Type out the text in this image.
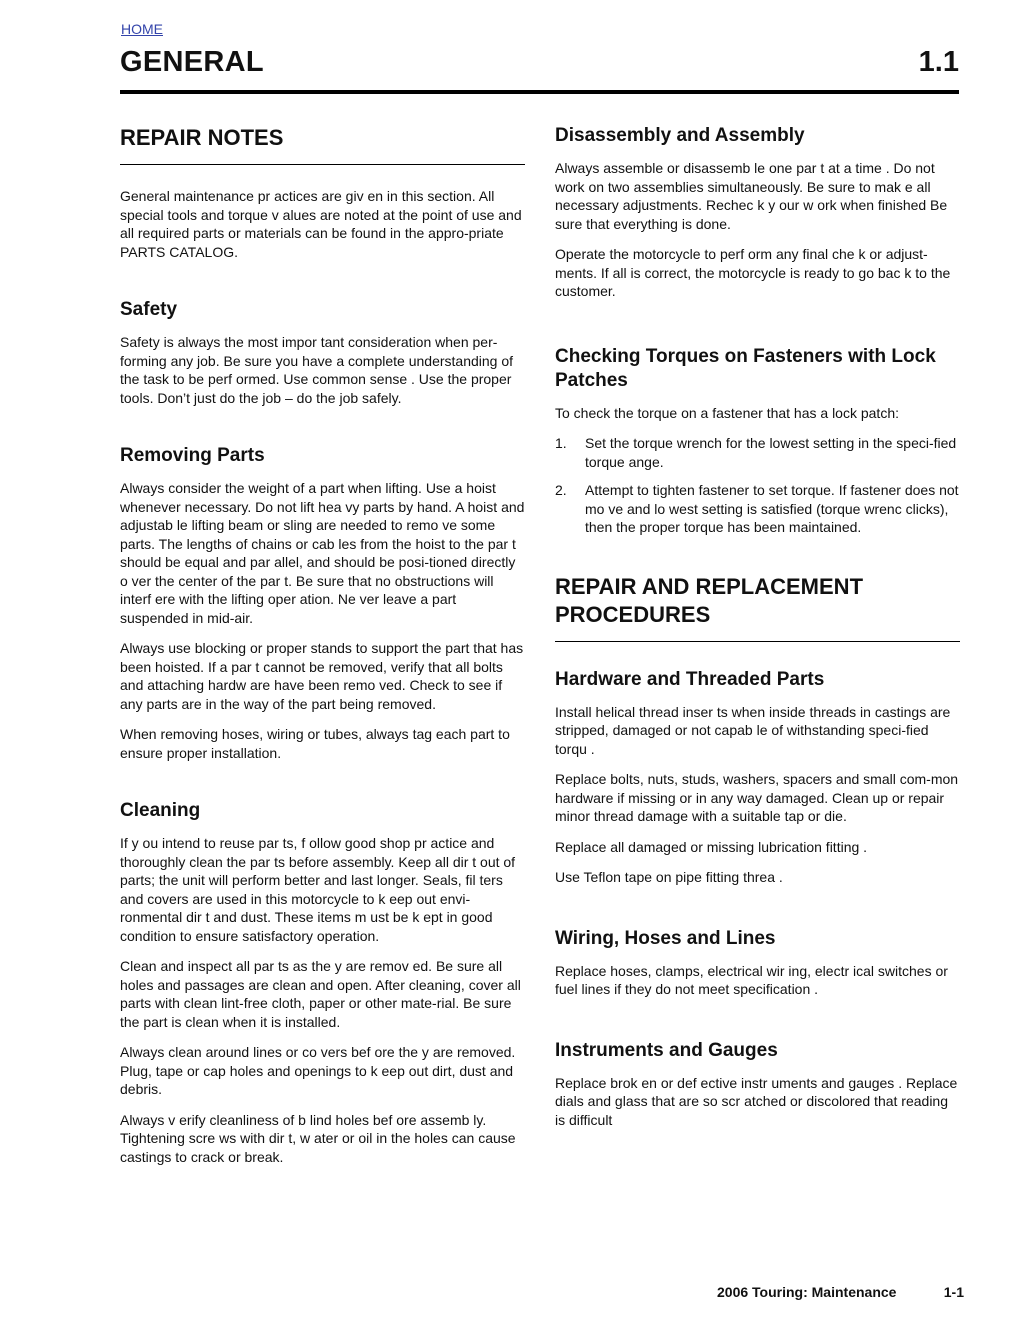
HOME
GENERAL	1.1
REPAIR NOTES

General maintenance pr actices are giv en in this section. All special tools and torque v alues are noted at the point of use and all required parts or materials can be found in the appro-priate PARTS CATALOG.

Safety

Safety is always the most impor tant consideration when per-forming any job. Be sure you have a complete understanding of the task to be perf ormed. Use common sense . Use the proper tools. Don’t just do the job – do the job safely.

Removing Parts

Always consider the weight of a part when lifting. Use a hoist whenever necessary. Do not lift hea vy parts by hand. A hoist and adjustab le lifting beam or sling are needed to remo ve some parts. The lengths of chains or cab les from the hoist to the par t should be equal and par allel, and should be posi-tioned directly o ver the center of the par t. Be sure that no obstructions will interf ere with the lifting oper ation. Ne ver leave a part suspended in mid-air.

Always use blocking or proper stands to support the part that has been hoisted. If a par t cannot be removed, verify that all bolts and attaching hardw are have been remo ved. Check to see if any parts are in the way of the part being removed.

When removing hoses, wiring or tubes, always tag each part to ensure proper installation.

Cleaning

If y ou intend to reuse par ts, f ollow good shop pr actice and thoroughly clean the par ts before assembly. Keep all dir t out of parts; the unit will perform better and last longer. Seals, fil ters and covers are used in this motorcycle to k eep out envi-ronmental dir t and dust. These items m ust be k ept in good condition to ensure satisfactory operation.

Clean and inspect all par ts as the y are remov ed. Be sure all holes and passages are clean and open. After cleaning, cover all parts with clean lint-free cloth, paper or other mate-rial. Be sure the part is clean when it is installed.

Always clean around lines or co vers bef ore the y are removed. Plug, tape or cap holes and openings to k eep out dirt, dust and debris.

Always v erify cleanliness of b lind holes bef ore assemb ly. Tightening scre ws with dir t, w ater or oil in the holes can cause castings to crack or break.

Disassembly and Assembly

Always assemble or disassemb le one par t at a time . Do not work on two assemblies simultaneously. Be sure to mak e all necessary adjustments. Rechec k y our w ork when finished Be sure that everything is done.

Operate the motorcycle to perf orm any final che k or adjust-ments. If all is correct, the motorcycle is ready to go bac k to the customer.

Checking Torques on Fasteners with Lock Patches

To check the torque on a fastener that has a lock patch:

1. Set the torque wrench for the lowest setting in the speci-fied torque ange.
2. Attempt to tighten fastener to set torque. If fastener does not mo ve and lo west setting is satisfied (torque wrenc clicks), then the proper torque has been maintained.
REPAIR AND REPLACEMENT PROCEDURES
Hardware and Threaded Parts

Install helical thread inser ts when inside threads in castings are stripped, damaged or not capab le of withstanding speci-fied torqu .

Replace bolts, nuts, studs, washers, spacers and small com-mon hardware if missing or in any way damaged. Clean up or repair minor thread damage with a suitable tap or die.

Replace all damaged or missing lubrication fitting .

Use Teflon tape on pipe fitting threa .

Wiring, Hoses and Lines

Replace hoses, clamps, electrical wir ing, electr ical switches or fuel lines if they do not meet specification .

Instruments and Gauges

Replace brok en or def ective instr uments and gauges . Replace dials and glass that are so scr atched or discolored that reading is difficult

2006 Touring: Maintenance	1-1
